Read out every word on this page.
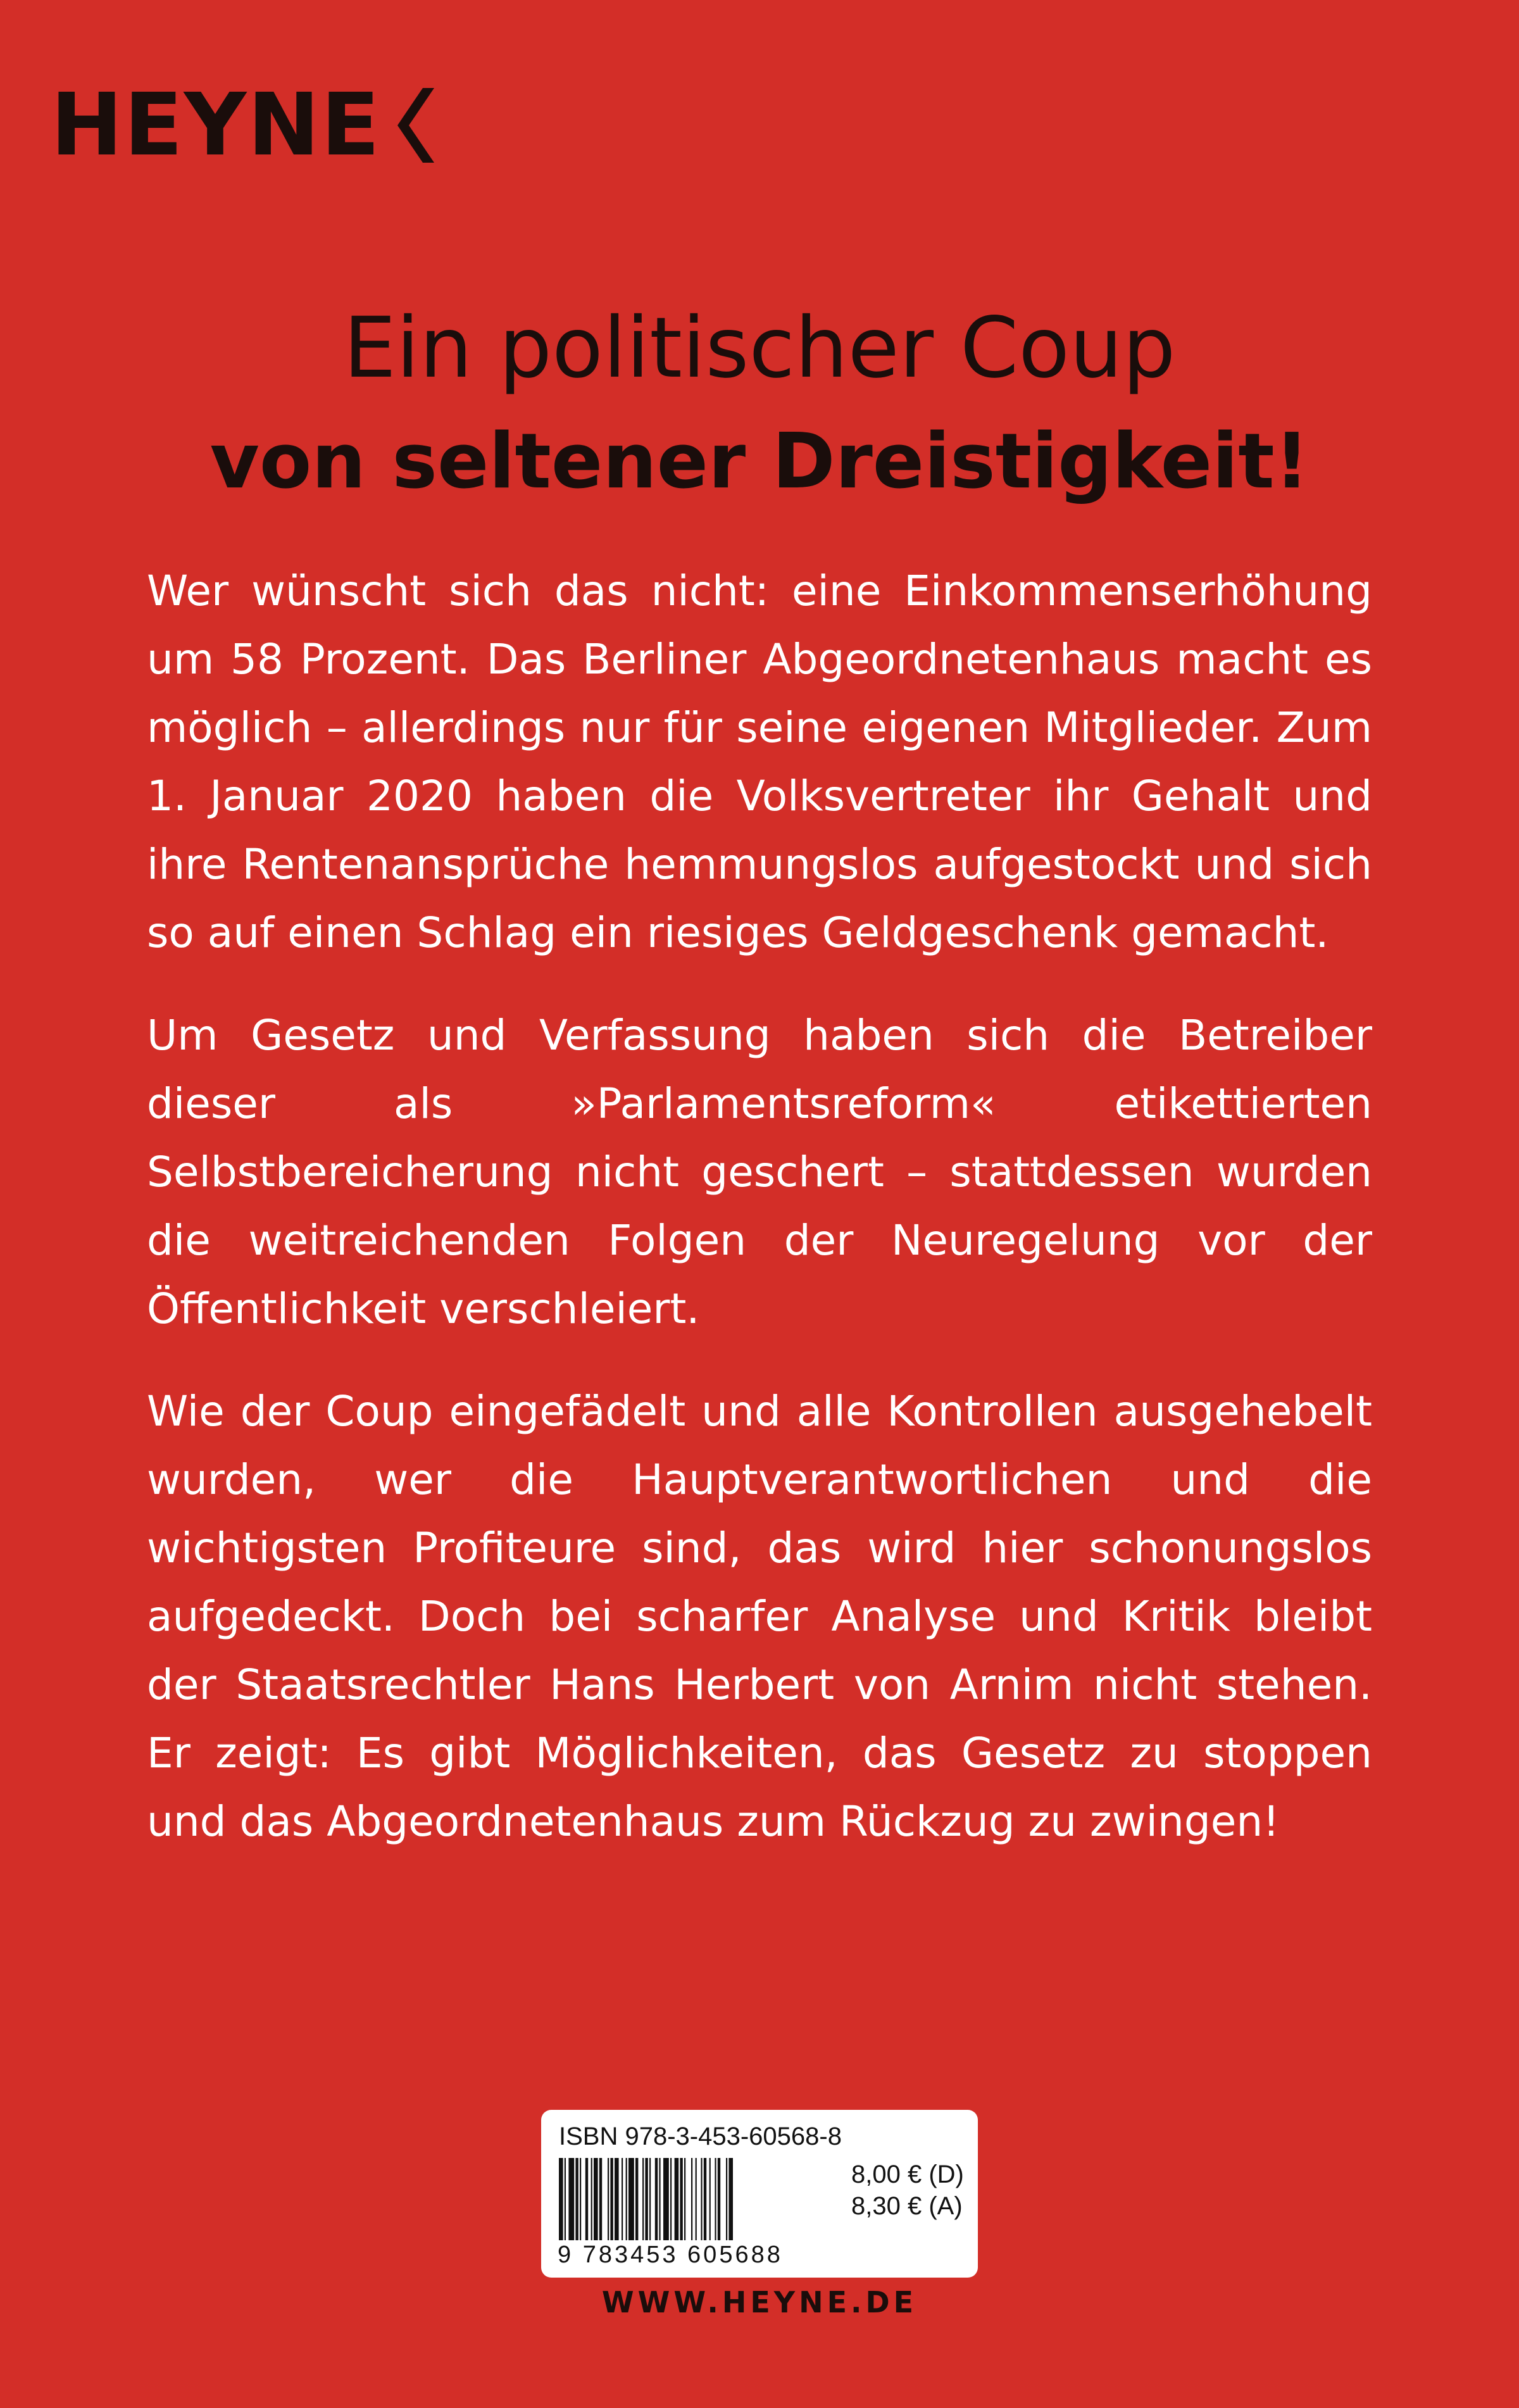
HEYNE
Ein politischer Coup
von seltener Dreistigkeit!

Wer wünscht sich das nicht: eine Einkommenserhöhung um 58 Prozent. Das Berliner Abgeordnetenhaus macht es möglich – allerdings nur für seine eigenen Mitglieder. Zum 1. Januar 2020 haben die Volksvertreter ihr Gehalt und ihre Rentenansprüche hemmungslos aufgestockt und sich so auf einen Schlag ein riesiges Geldgeschenk gemacht.

Um Gesetz und Verfassung haben sich die Betreiber dieser als »Parlamentsreform« etikettierten Selbstbereicherung nicht geschert – stattdessen wurden die weitreichenden Folgen der Neuregelung vor der Öffentlichkeit verschleiert.

Wie der Coup eingefädelt und alle Kontrollen ausgehebelt wurden, wer die Hauptverantwortlichen und die wichtigsten Profiteure sind, das wird hier schonungslos aufgedeckt. Doch bei scharfer Analyse und Kritik bleibt der Staatsrechtler Hans Herbert von Arnim nicht stehen. Er zeigt: Es gibt Möglichkeiten, das Gesetz zu stoppen und das Abgeordnetenhaus zum Rückzug zu zwingen!

ISBN 978-3-453-60568-8
9 783453 605688
8,00 € (D)
8,30 € (A)
WWW.HEYNE.DE
